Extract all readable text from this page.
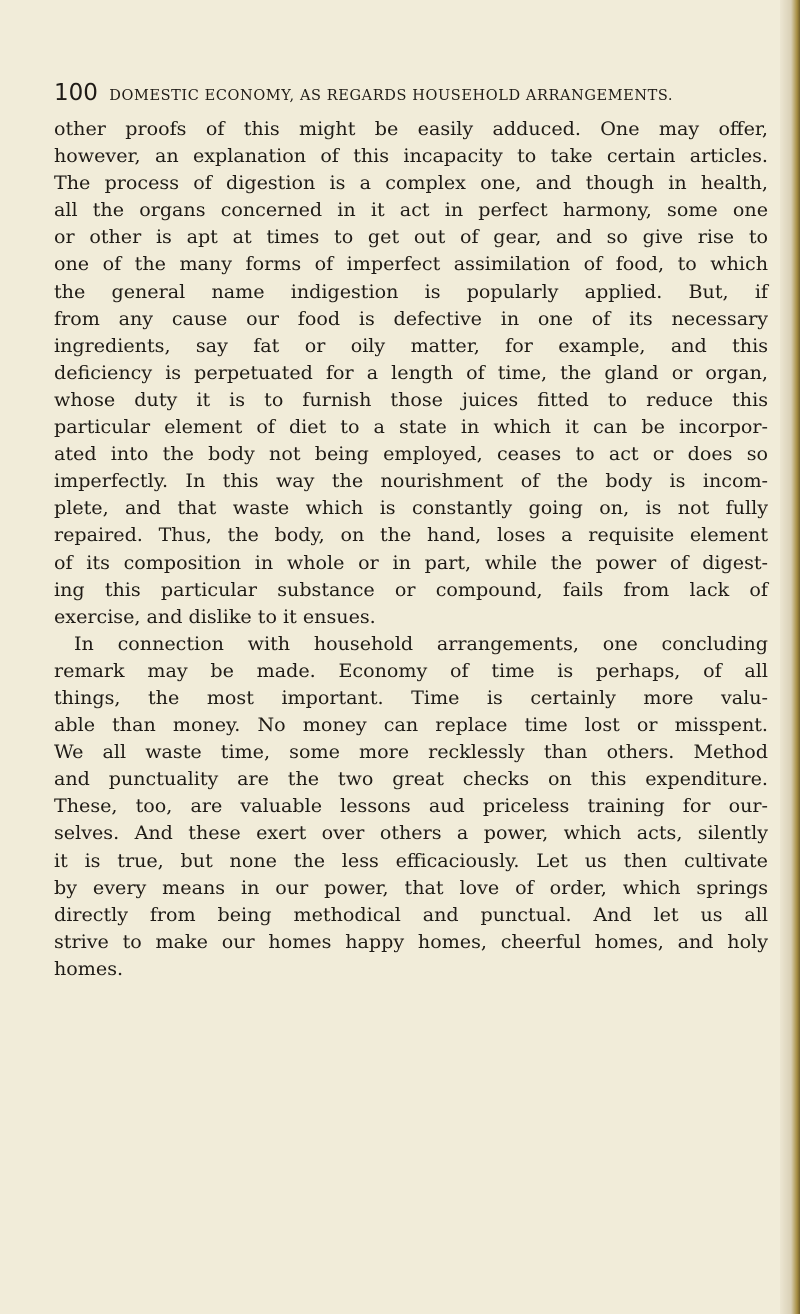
100 DOMESTIC ECONOMY, AS REGARDS HOUSEHOLD ARRANGEMENTS.
other proofs of this might be easily adduced. One may offer,
however, an explanation of this incapacity to take certain articles.
The process of digestion is a complex one, and though in health,
all the organs concerned in it act in perfect harmony, some one
or other is apt at times to get out of gear, and so give rise to
one of the many forms of imperfect assimilation of food, to which
the general name indigestion is popularly applied. But, if
from any cause our food is defective in one of its necessary
ingredients, say fat or oily matter, for example, and this
deficiency is perpetuated for a length of time, the gland or organ,
whose duty it is to furnish those juices fitted to reduce this
particular element of diet to a state in which it can be incorpor-
ated into the body not being employed, ceases to act or does so
imperfectly. In this way the nourishment of the body is incom-
plete, and that waste which is constantly going on, is not fully
repaired. Thus, the body, on the hand, loses a requisite element
of its composition in whole or in part, while the power of digest-
ing this particular substance or compound, fails from lack of
exercise, and dislike to it ensues.
In connection with household arrangements, one concluding
remark may be made. Economy of time is perhaps, of all
things, the most important. Time is certainly more valu-
able than money. No money can replace time lost or misspent.
We all waste time, some more recklessly than others. Method
and punctuality are the two great checks on this expenditure.
These, too, are valuable lessons aud priceless training for our-
selves. And these exert over others a power, which acts, silently
it is true, but none the less efficaciously. Let us then cultivate
by every means in our power, that love of order, which springs
directly from being methodical and punctual. And let us all
strive to make our homes happy homes, cheerful homes, and holy
homes.
